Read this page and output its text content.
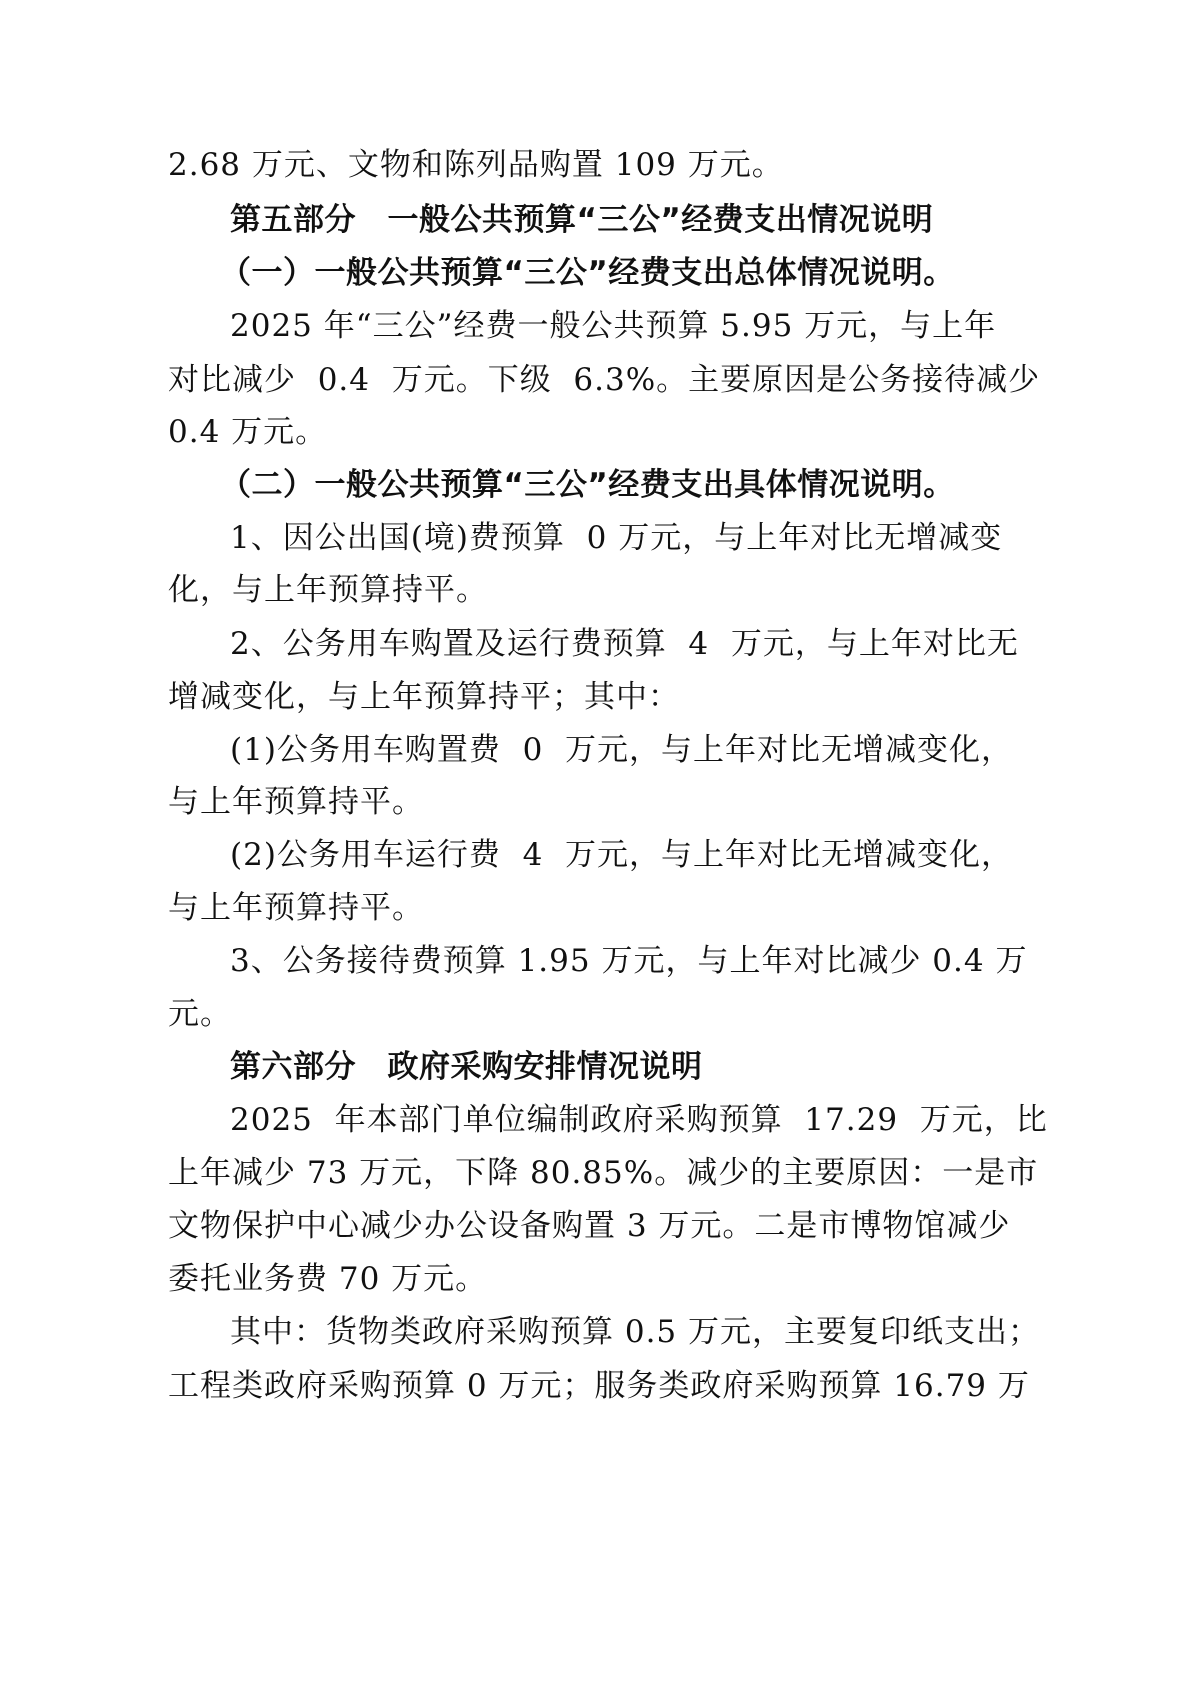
2.68 万元、文物和陈列品购置 109 万元。
第五部分　一般公共预算“三公”经费支出情况说明
（一）一般公共预算“三公”经费支出总体情况说明。
2025 年“三公”经费一般公共预算 5.95 万元，与上年
对比减少  0.4  万元。下级  6.3%。主要原因是公务接待减少
0.4 万元。
（二）一般公共预算“三公”经费支出具体情况说明。
1、因公出国(境)费预算  0 万元，与上年对比无增减变
化，与上年预算持平。
2、公务用车购置及运行费预算  4  万元，与上年对比无
增减变化，与上年预算持平；其中：
(1)公务用车购置费  0  万元，与上年对比无增减变化，
与上年预算持平。
(2)公务用车运行费  4  万元，与上年对比无增减变化，
与上年预算持平。
3、公务接待费预算 1.95 万元，与上年对比减少 0.4 万
元。
第六部分　政府采购安排情况说明
2025  年本部门单位编制政府采购预算  17.29  万元，比
上年减少 73 万元，下降 80.85%。减少的主要原因：一是市
文物保护中心减少办公设备购置 3 万元。二是市博物馆减少
委托业务费 70 万元。
其中：货物类政府采购预算 0.5 万元，主要复印纸支出；
工程类政府采购预算 0 万元；服务类政府采购预算 16.79 万
